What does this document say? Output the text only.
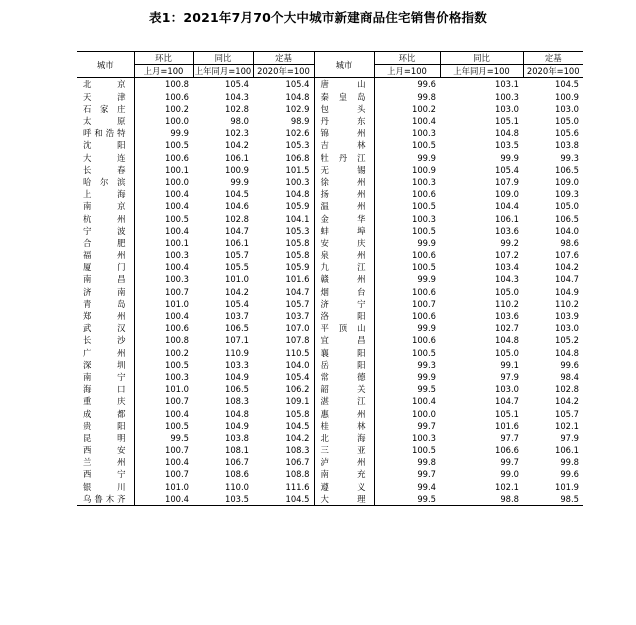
表1：2021年7月70个大中城市新建商品住宅销售价格指数
城市	环比	同比	定基	城市	环比	同比	定基
	上月=100	上年同月=100	2020年=100		上月=100	上年同月=100	2020年=100
北京	100.8	105.4	105.4	唐山	99.6	103.1	104.5
天津	100.6	104.3	104.8	秦皇岛	99.8	100.3	100.9
石家庄	100.2	102.8	102.9	包头	100.2	103.0	103.0
太原	100.0	98.0	98.9	丹东	100.4	105.1	105.0
呼和浩特	99.9	102.3	102.6	锦州	100.3	104.8	105.6
沈阳	100.5	104.2	105.3	吉林	100.5	103.5	103.8
大连	100.6	106.1	106.8	牡丹江	99.9	99.9	99.3
长春	100.1	100.9	101.5	无锡	100.9	105.4	106.5
哈尔滨	100.0	99.9	100.3	徐州	100.3	107.9	109.0
上海	100.4	104.5	104.8	扬州	100.6	109.0	109.3
南京	100.4	104.6	105.9	温州	100.5	104.4	105.0
杭州	100.5	102.8	104.1	金华	100.3	106.1	106.5
宁波	100.4	104.7	105.3	蚌埠	100.5	103.6	104.0
合肥	100.1	106.1	105.8	安庆	99.9	99.2	98.6
福州	100.3	105.7	105.8	泉州	100.6	107.2	107.6
厦门	100.4	105.5	105.9	九江	100.5	103.4	104.2
南昌	100.3	101.0	101.6	赣州	99.9	104.3	104.7
济南	100.7	104.2	104.7	烟台	100.6	105.0	104.9
青岛	101.0	105.4	105.7	济宁	100.7	110.2	110.2
郑州	100.4	103.7	103.7	洛阳	100.6	103.6	103.9
武汉	100.6	106.5	107.0	平顶山	99.9	102.7	103.0
长沙	100.8	107.1	107.8	宜昌	100.6	104.8	105.2
广州	100.2	110.9	110.5	襄阳	100.5	105.0	104.8
深圳	100.5	103.3	104.0	岳阳	99.3	99.1	99.6
南宁	100.3	104.9	105.4	常德	99.9	97.9	98.4
海口	101.0	106.5	106.2	韶关	99.5	103.0	102.8
重庆	100.7	108.3	109.1	湛江	100.4	104.7	104.2
成都	100.4	104.8	105.8	惠州	100.0	105.1	105.7
贵阳	100.5	104.9	104.5	桂林	99.7	101.6	102.1
昆明	99.5	103.8	104.2	北海	100.3	97.7	97.9
西安	100.7	108.1	108.3	三亚	100.5	106.6	106.1
兰州	100.4	106.7	106.7	泸州	99.8	99.7	99.8
西宁	100.7	108.6	108.8	南充	99.7	99.0	99.6
银川	101.0	110.0	111.6	遵义	99.4	102.1	101.9
乌鲁木齐	100.4	103.5	104.5	大理	99.5	98.8	98.5
